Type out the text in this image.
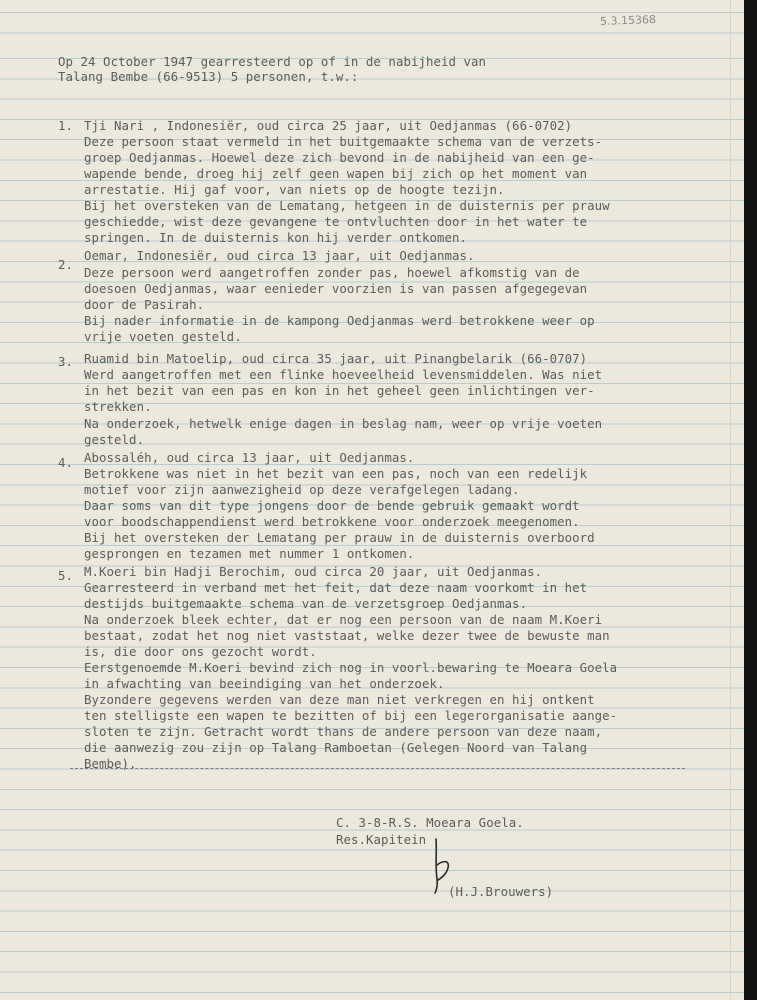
5.3.15368
Op 24 October 1947 gearresteerd op of in de nabijheid van
Talang Bembe (66-9513) 5 personen, t.w.:
1. Tji Nari , Indonesiër, oud circa 25 jaar, uit Oedjanmas (66-0702)
Deze persoon staat vermeld in het buitgemaakte schema van de verzets-
groep Oedjanmas. Hoewel deze zich bevond in de nabijheid van een ge-
wapende bende, droeg hij zelf geen wapen bij zich op het moment van
arrestatie. Hij gaf voor, van niets op de hoogte tezijn.
Bij het oversteken van de Lematang, hetgeen in de duisternis per prauw
geschiedde, wist deze gevangene te ontvluchten door in het water te
springen. In de duisternis kon hij verder ontkomen.
2.
Oemar, Indonesiër, oud circa 13 jaar, uit Oedjanmas.
Deze persoon werd aangetroffen zonder pas, hoewel afkomstig van de
doesoen Oedjanmas, waar eenieder voorzien is van passen afgegegevan
door de Pasirah.
Bij nader informatie in de kampong Oedjanmas werd betrokkene weer op
vrije voeten gesteld.
3. Ruamid bin Matoelip, oud circa 35 jaar, uit Pinangbelarik (66-0707)
Werd aangetroffen met een flinke hoeveelheid levensmiddelen. Was niet
in het bezit van een pas en kon in het geheel geen inlichtingen ver-
strekken.
Na onderzoek, hetwelk enige dagen in beslag nam, weer op vrije voeten
gesteld.
4. Abossaléh, oud circa 13 jaar, uit Oedjanmas.
Betrokkene was niet in het bezit van een pas, noch van een redelijk
motief voor zijn aanwezigheid op deze verafgelegen ladang.
Daar soms van dit type jongens door de bende gebruik gemaakt wordt
voor boodschappendienst werd betrokkene voor onderzoek meegenomen.
Bij het oversteken der Lematang per prauw in de duisternis overboord
gesprongen en tezamen met nummer 1 ontkomen.
5. M.Koeri bin Hadji Berochim, oud circa 20 jaar, uit Oedjanmas.
Gearresteerd in verband met het feit, dat deze naam voorkomt in het
destijds buitgemaakte schema van de verzetsgroep Oedjanmas.
Na onderzoek bleek echter, dat er nog een persoon van de naam M.Koeri
bestaat, zodat het nog niet vaststaat, welke dezer twee de bewuste man
is, die door ons gezocht wordt.
Eerstgenoemde M.Koeri bevind zich nog in voorl.bewaring te Moeara Goela
in afwachting van beeindiging van het onderzoek.
Byzondere gegevens werden van deze man niet verkregen en hij ontkent
ten stelligste een wapen te bezitten of bij een legerorganisatie aange-
sloten te zijn. Getracht wordt thans de andere persoon van deze naam,
die aanwezig zou zijn op Talang Ramboetan (Gelegen Noord van Talang
Bembe).
C. 3-8-R.S. Moeara Goela.
Res.Kapitein
(H.J.Brouwers)
